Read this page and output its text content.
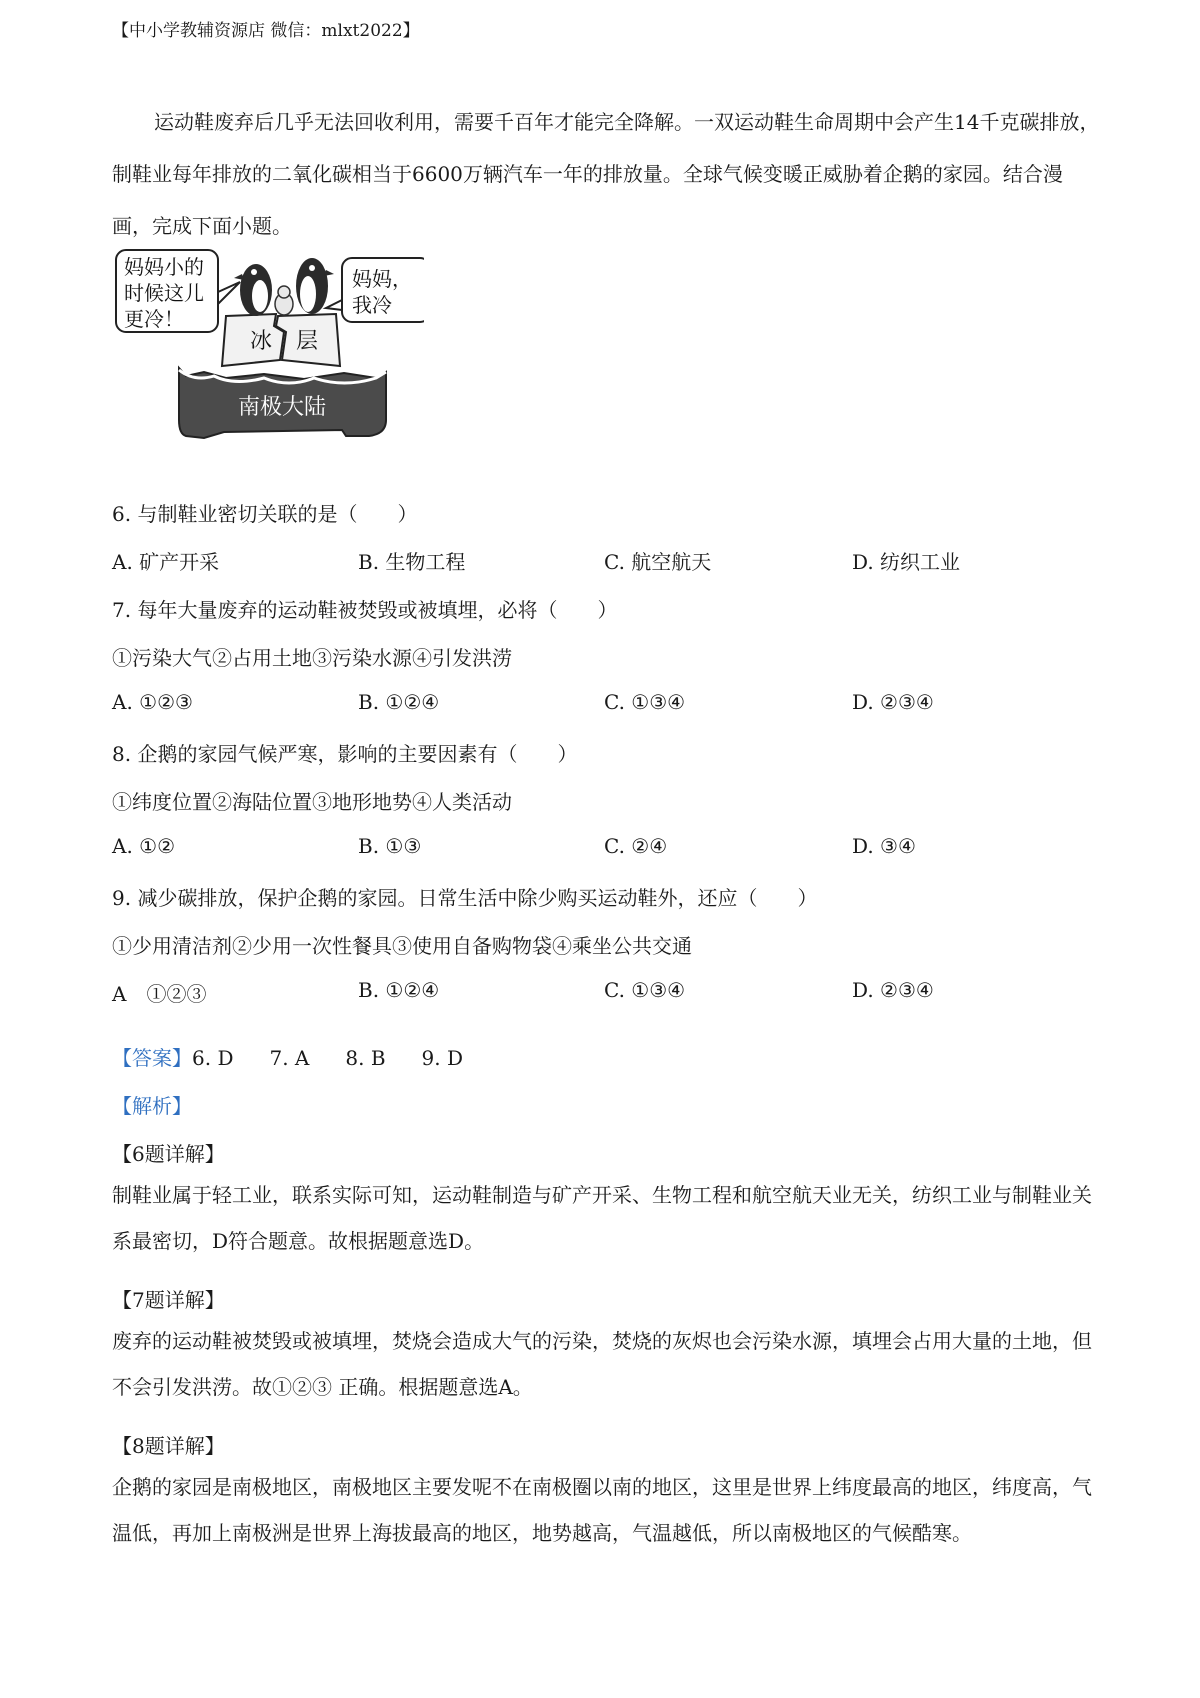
【中小学教辅资源店 微信：mlxt2022】
运动鞋废弃后几乎无法回收利用，需要千百年才能完全降解。一双运动鞋生命周期中会产生14千克碳排放，制鞋业每年排放的二氧化碳相当于6600万辆汽车一年的排放量。全球气候变暖正威胁着企鹅的家园。结合漫画，完成下面小题。
妈妈小的
时候这儿
更冷！
妈妈，
我冷
冰 层
南极大陆
6. 与制鞋业密切关联的是（　　）
A. 矿产开采	B. 生物工程	C. 航空航天	D. 纺织工业
7. 每年大量废弃的运动鞋被焚毁或被填埋，必将（　　）
①污染大气②占用土地③污染水源④引发洪涝
A. ①②③	B. ①②④	C. ①③④	D. ②③④
8. 企鹅的家园气候严寒，影响的主要因素有（　　）
①纬度位置②海陆位置③地形地势④人类活动
A. ①②	B. ①③	C. ②④	D. ③④
9. 减少碳排放，保护企鹅的家园。日常生活中除少购买运动鞋外，还应（　　）
①少用清洁剂②少用一次性餐具③使用自备购物袋④乘坐公共交通
A　①②③	B. ①②④	C. ①③④	D. ②③④
【答案】6. D 7. A 8. B 9. D
【解析】
【6题详解】
制鞋业属于轻工业，联系实际可知，运动鞋制造与矿产开采、生物工程和航空航天业无关，纺织工业与制鞋业关系最密切，D符合题意。故根据题意选D。
【7题详解】
废弃的运动鞋被焚毁或被填埋，焚烧会造成大气的污染，焚烧的灰烬也会污染水源，填埋会占用大量的土地，但不会引发洪涝。故①②③ 正确。根据题意选A。
【8题详解】
企鹅的家园是南极地区，南极地区主要发呢不在南极圈以南的地区，这里是世界上纬度最高的地区，纬度高，气温低，再加上南极洲是世界上海拔最高的地区，地势越高，气温越低，所以南极地区的气候酷寒。
